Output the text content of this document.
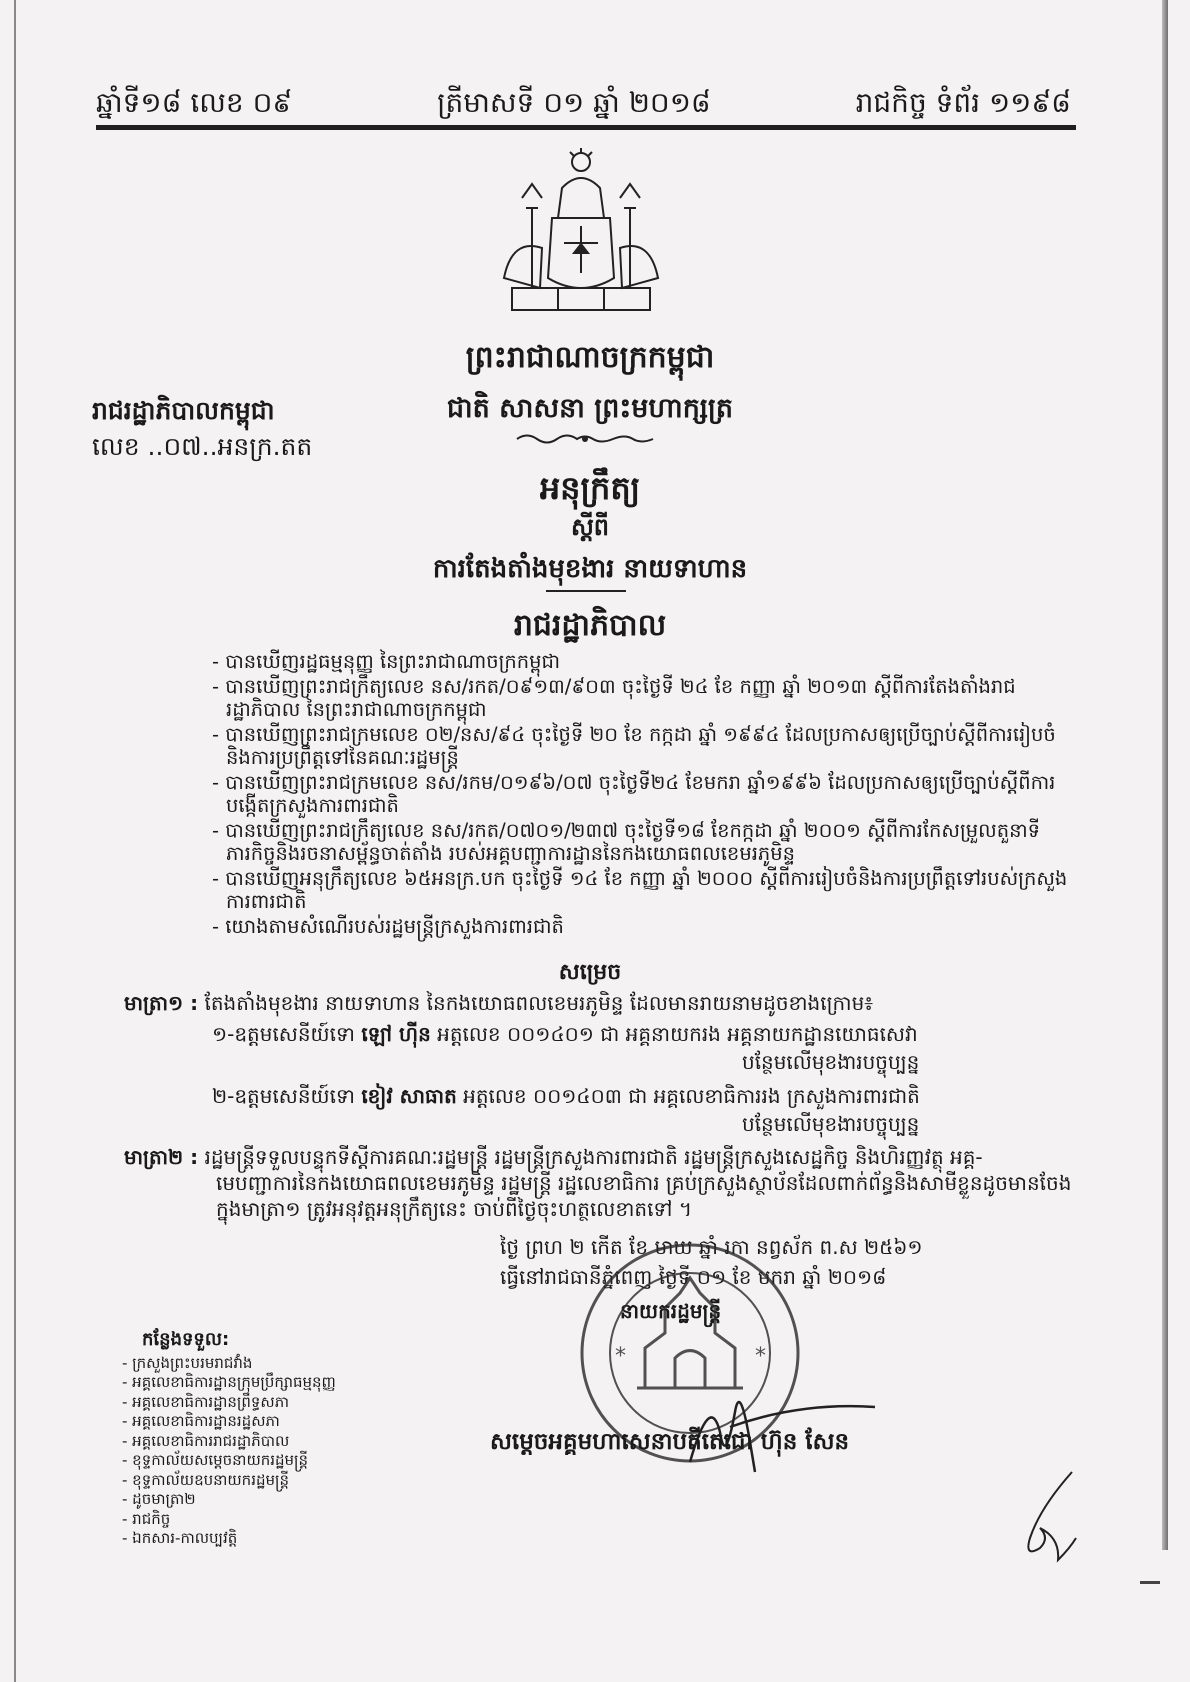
ឆ្នាំទី១៨ លេខ ០៩	ត្រីមាសទី ០១ ឆ្នាំ ២០១៨	រាជកិច្ច ទំព័រ ១១៩៨
ព្រះរាជាណាចក្រកម្ពុជា
ជាតិ សាសនា ព្រះមហាក្សត្រ
រាជរដ្ឋាភិបាលកម្ពុជា
លេខ ..០៧..អនក្រ.តត
អនុក្រឹត្យ
ស្តីពី
ការតែងតាំងមុខងារ នាយទាហាន
រាជរដ្ឋាភិបាល

- បានឃើញរដ្ឋធម្មនុញ្ញ នៃព្រះរាជាណាចក្រកម្ពុជា

- បានឃើញព្រះរាជក្រឹត្យលេខ នស/រកត/០៩១៣/៩០៣ ចុះថ្ងៃទី ២៤ ខែ កញ្ញា ឆ្នាំ ២០១៣ ស្តីពីការតែងតាំងរាជរដ្ឋាភិបាល នៃព្រះរាជាណាចក្រកម្ពុជា

- បានឃើញព្រះរាជក្រមលេខ ០២/នស/៩៤ ចុះថ្ងៃទី ២០ ខែ កក្កដា ឆ្នាំ ១៩៩៤ ដែលប្រកាសឲ្យប្រើច្បាប់ស្តីពីការរៀបចំនិងការប្រព្រឹត្តទៅនៃគណៈរដ្ឋមន្ត្រី

- បានឃើញព្រះរាជក្រមលេខ នស/រកម/០១៩៦/០៧ ចុះថ្ងៃទី២៤ ខែមករា ឆ្នាំ១៩៩៦ ដែលប្រកាសឲ្យប្រើច្បាប់ស្តីពីការបង្កើតក្រសួងការពារជាតិ

- បានឃើញព្រះរាជក្រឹត្យលេខ នស/រកត/០៧០១/២៣៧ ចុះថ្ងៃទី១៨ ខែកក្កដា ឆ្នាំ ២០០១ ស្តីពីការកែសម្រួលតួនាទី ភារកិច្ចនិងរចនាសម្ព័ន្ធចាត់តាំង របស់អគ្គបញ្ជាការដ្ឋាននៃកងយោធពលខេមរភូមិន្ទ

- បានឃើញអនុក្រឹត្យលេខ ៦៥អនក្រ.បក ចុះថ្ងៃទី ១៤ ខែ កញ្ញា ឆ្នាំ ២០០០ ស្តីពីការរៀបចំនិងការប្រព្រឹត្តទៅរបស់ក្រសួងការពារជាតិ

- យោងតាមសំណើរបស់រដ្ឋមន្ត្រីក្រសួងការពារជាតិ

សម្រេច
មាត្រា១ : តែងតាំងមុខងារ នាយទាហាន នៃកងយោធពលខេមរភូមិន្ទ ដែលមានរាយនាមដូចខាងក្រោម៖
១-ឧត្តមសេនីយ៍ទោ ឡៅ ហ៊ីន អត្តលេខ ០០១៤០១ ជា អគ្គនាយករង អគ្គនាយកដ្ឋានយោធសេវា
បន្ថែមលើមុខងារបច្ចុប្បន្ន
២-ឧត្តមសេនីយ៍ទោ ខៀវ សាធាត អត្តលេខ ០០១៤០៣ ជា អគ្គលេខាធិការរង ក្រសួងការពារជាតិ
បន្ថែមលើមុខងារបច្ចុប្បន្ន
មាត្រា២ : រដ្ឋមន្ត្រីទទួលបន្ទុកទីស្តីការគណៈរដ្ឋមន្ត្រី រដ្ឋមន្ត្រីក្រសួងការពារជាតិ រដ្ឋមន្ត្រីក្រសួងសេដ្ឋកិច្ច និងហិរញ្ញវត្ថុ អគ្គ-
មេបញ្ជាការនៃកងយោធពលខេមរភូមិន្ទ រដ្ឋមន្ត្រី រដ្ឋលេខាធិការ គ្រប់ក្រសួងស្ថាប័នដែលពាក់ព័ន្ធនិងសាមីខ្លួនដូចមានចែងក្នុងមាត្រា១ ត្រូវអនុវត្តអនុក្រឹត្យនេះ ចាប់ពីថ្ងៃចុះហត្ថលេខាតទៅ ។
ថ្ងៃ ព្រហ ២ កើត ខែ មាឃ ឆ្នាំ រកា នព្វស័ក ព.ស ២៥៦១
ធ្វើនៅរាជធានីភ្នំពេញ ថ្ងៃទី ០១ ខែ មករា ឆ្នាំ ២០១៨
នាយករដ្ឋមន្ត្រី
*	*
សម្តេចអគ្គមហាសេនាបតីតេជោ ហ៊ុន សែន
កន្លែងទទួល:
- ក្រសួងព្រះបរមរាជវាំង
- អគ្គលេខាធិការដ្ឋានក្រុមប្រឹក្សាធម្មនុញ្ញ
- អគ្គលេខាធិការដ្ឋានព្រឹទ្ធសភា
- អគ្គលេខាធិការដ្ឋានរដ្ឋសភា
- អគ្គលេខាធិការរាជរដ្ឋាភិបាល
- ខុទ្ទកាល័យសម្តេចនាយករដ្ឋមន្ត្រី
- ខុទ្ទកាល័យឧបនាយករដ្ឋមន្ត្រី
- ដូចមាត្រា២
- រាជកិច្ច
- ឯកសារ-កាលប្បវត្តិ
